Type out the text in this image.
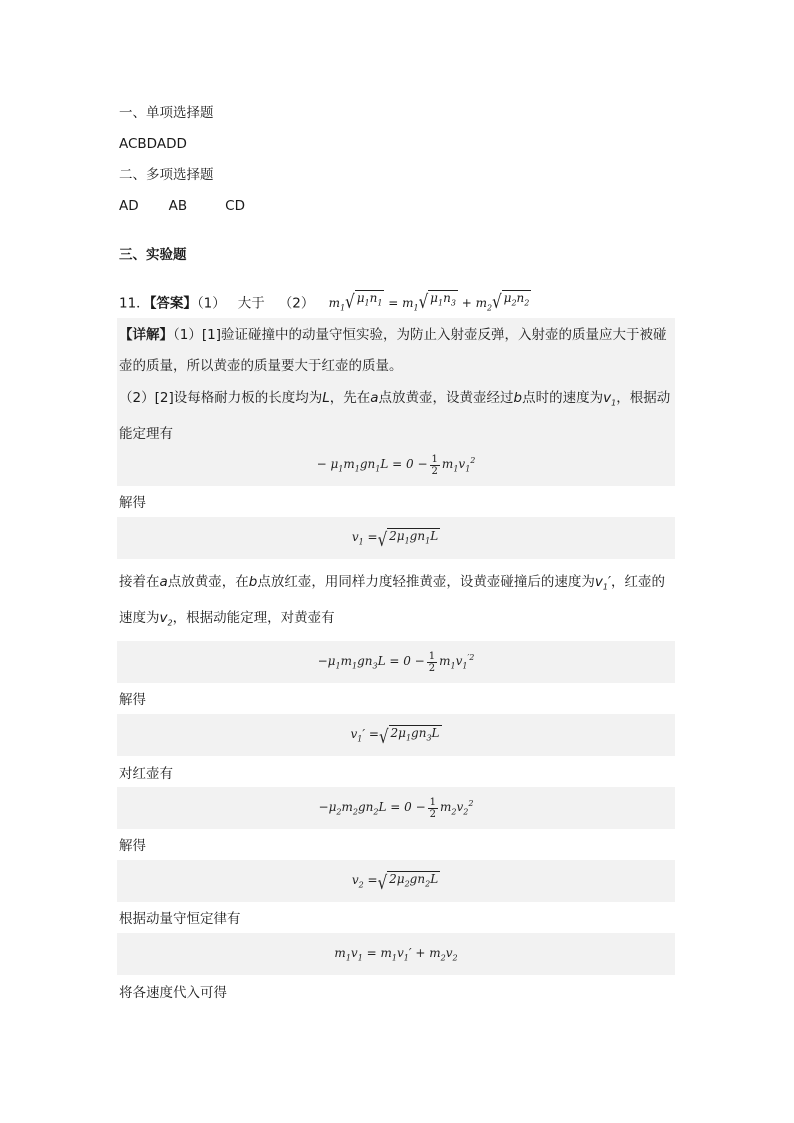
一、单项选择题
ACBDADD
二、多项选择题
AD AB	CD
三、实验题
11．【答案】（1） 大于 （2） $m_1$ √ $\mu_1n_1 = m_1$ √ $\mu_1n_3 + m_2$ √ $\mu_2n_2$
【详解】（1）[1]验证碰撞中的动量守恒实验，为防止入射壶反弹，入射壶的质量应大于被碰壶的质量，所以黄壶的质量要大于红壶的质量。
（2）[2]设每格耐力板的长度均为L，先在a点放黄壶，设黄壶经过b点时的速度为$v_1$，根据动能定理有
− $\mu_1m_1gn_1L = 0 - \frac{1}{2} m_1v_1^2$
解得
$v_1$ = √ $2\mu_1gn_1L$
接着在a点放黄壶，在b点放红壶，用同样力度轻推黄壶，设黄壶碰撞后的速度为$v_1'$，红壶的速度为$v_2$，根据动能定理，对黄壶有
$-\mu_1m_1gn_3L = 0 - \frac{1}{2} m_1v_1^{'2}$
解得
$v_1'$ = √ $2\mu_1gn_3L$
对红壶有
$-\mu_2m_2gn_2L = 0 - \frac{1}{2} m_2v_2^2$
解得
$v_2$ = √ $2\mu_2gn_2L$
根据动量守恒定律有
$m_1v_1 = m_1v_1' + m_2v_2$
将各速度代入可得
